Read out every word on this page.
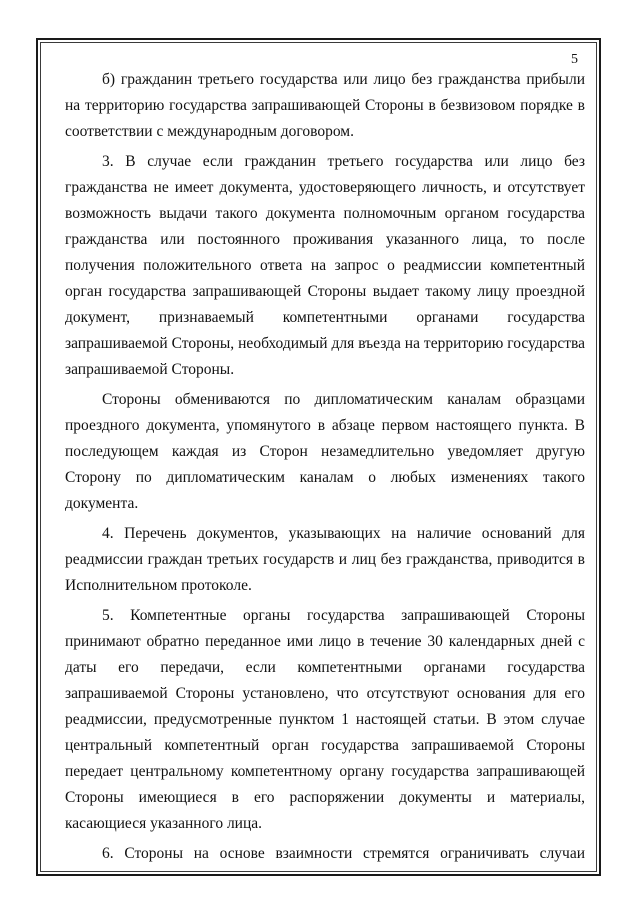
5

б) гражданин третьего государства или лицо без гражданства прибыли на территорию государства запрашивающей Стороны в безвизовом порядке в соответствии с международным договором.

3. В случае если гражданин третьего государства или лицо без гражданства не имеет документа, удостоверяющего личность, и отсутствует возможность выдачи такого документа полномочным органом государства гражданства или постоянного проживания указанного лица, то после получения положительного ответа на запрос о реадмиссии компетентный орган государства запрашивающей Стороны выдает такому лицу проездной документ, признаваемый компетентными органами государства запрашиваемой Стороны, необходимый для въезда на территорию государства запрашиваемой Стороны.

Стороны обмениваются по дипломатическим каналам образцами проездного документа, упомянутого в абзаце первом настоящего пункта. В последующем каждая из Сторон незамедлительно уведомляет другую Сторону по дипломатическим каналам о любых изменениях такого документа.

4. Перечень документов, указывающих на наличие оснований для реадмиссии граждан третьих государств и лиц без гражданства, приводится в Исполнительном протоколе.

5. Компетентные органы государства запрашивающей Стороны принимают обратно переданное ими лицо в течение 30 календарных дней с даты его передачи, если компетентными органами государства запрашиваемой Стороны установлено, что отсутствуют основания для его реадмиссии, предусмотренные пунктом 1 настоящей статьи. В этом случае центральный компетентный орган государства запрашиваемой Стороны передает центральному компетентному органу государства запрашивающей Стороны имеющиеся в его распоряжении документы и материалы, касающиеся указанного лица.

6. Стороны на основе взаимности стремятся ограничивать случаи
